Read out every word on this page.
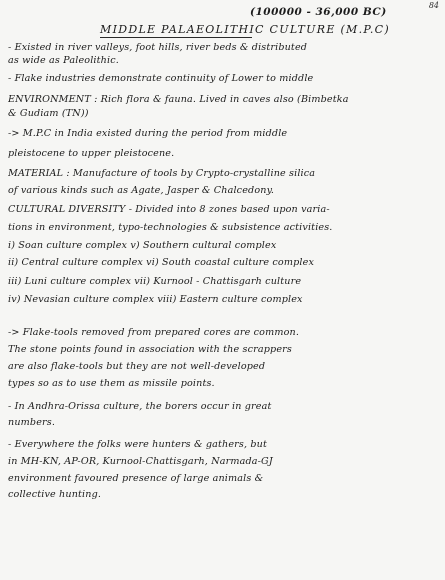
84
(100000 - 36,000 BC)
MIDDLE PALAEOLITHIC CULTURE (M.P.C)
- Existed in river valleys, foot hills, river beds & distributed
as wide as Paleolithic.
- Flake industries demonstrate continuity of Lower to middle
ENVIRONMENT : Rich flora & fauna. Lived in caves also (Bimbetka
& Gudiam (TN))
-> M.P.C in India existed during the period from middle
pleistocene to upper pleistocene.
MATERIAL : Manufacture of tools by Crypto-crystalline silica
of various kinds such as Agate, Jasper & Chalcedony.
CULTURAL DIVERSITY - Divided into 8 zones based upon varia-
tions in environment, typo-technologies & subsistence activities.
i) Soan culture complex v) Southern cultural complex
ii) Central culture complex vi) South coastal culture complex
iii) Luni culture complex vii) Kurnool - Chattisgarh culture
iv) Nevasian culture complex viii) Eastern culture complex
-> Flake-tools removed from prepared cores are common.
The stone points found in association with the scrappers
are also flake-tools but they are not well-developed
types so as to use them as missile points.
- In Andhra-Orissa culture, the borers occur in great
numbers.
- Everywhere the folks were hunters & gathers, but
in MH-KN, AP-OR, Kurnool-Chattisgarh, Narmada-GJ
environment favoured presence of large animals &
collective hunting.
